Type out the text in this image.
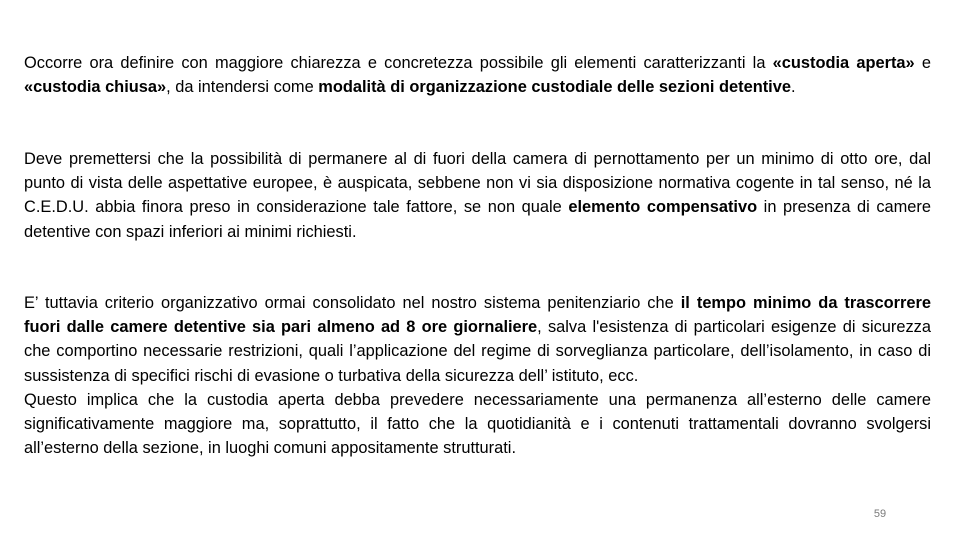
Occorre ora definire con maggiore chiarezza e concretezza possibile gli elementi caratterizzanti la «custodia aperta» e «custodia chiusa», da intendersi come modalità di organizzazione custodiale delle sezioni detentive.
Deve premettersi che la possibilità di permanere al di fuori della camera di pernottamento per un minimo di otto ore, dal punto di vista delle aspettative europee, è auspicata, sebbene non vi sia disposizione normativa cogente in tal senso, né la C.E.D.U. abbia finora preso in considerazione tale fattore, se non quale elemento compensativo in presenza di camere detentive con spazi inferiori ai minimi richiesti.
E’ tuttavia criterio organizzativo ormai consolidato nel nostro sistema penitenziario che il tempo minimo da trascorrere fuori dalle camere detentive sia pari almeno ad 8 ore giornaliere, salva l'esistenza di particolari esigenze di sicurezza che comportino necessarie restrizioni, quali l’applicazione del regime di sorveglianza particolare, dell’isolamento, in caso di sussistenza di specifici rischi di evasione o turbativa della sicurezza dell’ istituto, ecc.
Questo implica che la custodia aperta debba prevedere necessariamente una permanenza all’esterno delle camere significativamente maggiore ma, soprattutto, il fatto che la quotidianità e i contenuti trattamentali dovranno svolgersi all’esterno della sezione, in luoghi comuni appositamente strutturati.
59
